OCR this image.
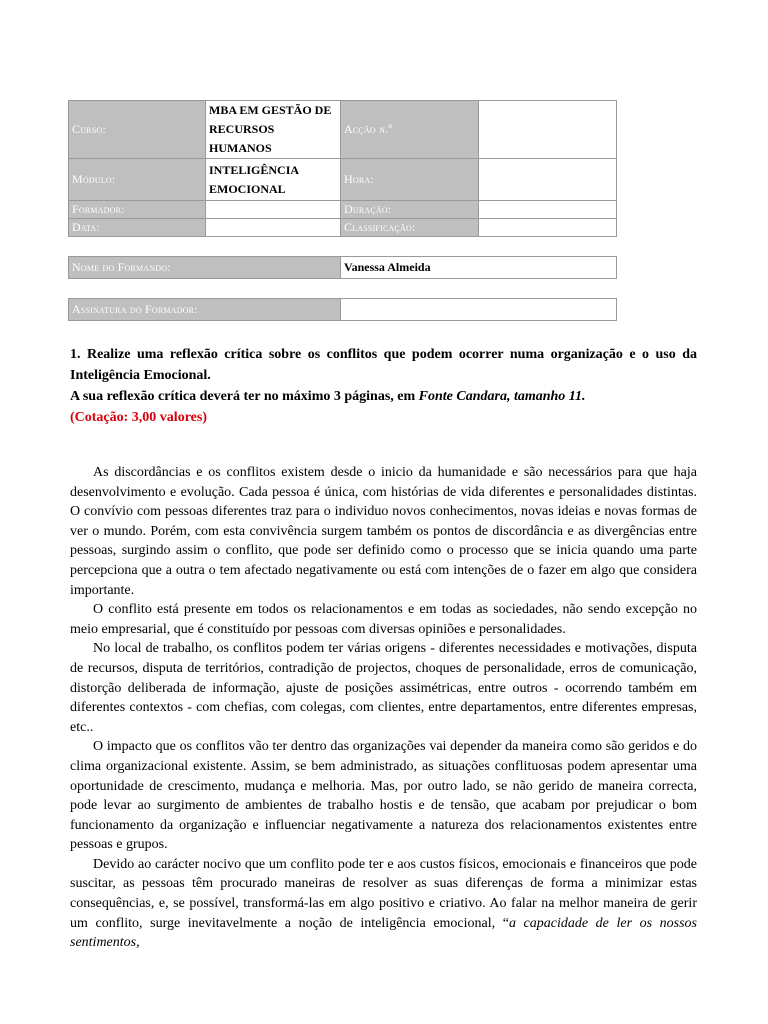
Curso:	MBA EM GESTÃO DE RECURSOS HUMANOS	Acção n.º	
Módulo:	INTELIGÊNCIA EMOCIONAL	Hora:	
Formador:		Duração:	
Data:		Classificação:	

Nome do Formando:		Vanessa Almeida	

Assinatura do Formador:			

1. Realize uma reflexão crítica sobre os conflitos que podem ocorrer numa organização e o uso da Inteligência Emocional.

A sua reflexão crítica deverá ter no máximo 3 páginas, em Fonte Candara, tamanho 11.

(Cotação: 3,00 valores)

As discordâncias e os conflitos existem desde o inicio da humanidade e são necessários para que haja desenvolvimento e evolução. Cada pessoa é única, com histórias de vida diferentes e personalidades distintas. O convívio com pessoas diferentes traz para o individuo novos conhecimentos, novas ideias e novas formas de ver o mundo. Porém, com esta convivência surgem também os pontos de discordância e as divergências entre pessoas, surgindo assim o conflito, que pode ser definido como o processo que se inicia quando uma parte percepciona que a outra o tem afectado negativamente ou está com intenções de o fazer em algo que considera importante.

O conflito está presente em todos os relacionamentos e em todas as sociedades, não sendo excepção no meio empresarial, que é constituído por pessoas com diversas opiniões e personalidades.

No local de trabalho, os conflitos podem ter várias origens - diferentes necessidades e motivações, disputa de recursos, disputa de territórios, contradição de projectos, choques de personalidade, erros de comunicação, distorção deliberada de informação, ajuste de posições assimétricas, entre outros - ocorrendo também em diferentes contextos - com chefias, com colegas, com clientes, entre departamentos, entre diferentes empresas, etc..

O impacto que os conflitos vão ter dentro das organizações vai depender da maneira como são geridos e do clima organizacional existente. Assim, se bem administrado, as situações conflituosas podem apresentar uma oportunidade de crescimento, mudança e melhoria. Mas, por outro lado, se não gerido de maneira correcta, pode levar ao surgimento de ambientes de trabalho hostis e de tensão, que acabam por prejudicar o bom funcionamento da organização e influenciar negativamente a natureza dos relacionamentos existentes entre pessoas e grupos.

Devido ao carácter nocivo que um conflito pode ter e aos custos físicos, emocionais e financeiros que pode suscitar, as pessoas têm procurado maneiras de resolver as suas diferenças de forma a minimizar estas consequências, e, se possível, transformá-las em algo positivo e criativo. Ao falar na melhor maneira de gerir um conflito, surge inevitavelmente a noção de inteligência emocional, “a capacidade de ler os nossos sentimentos,
